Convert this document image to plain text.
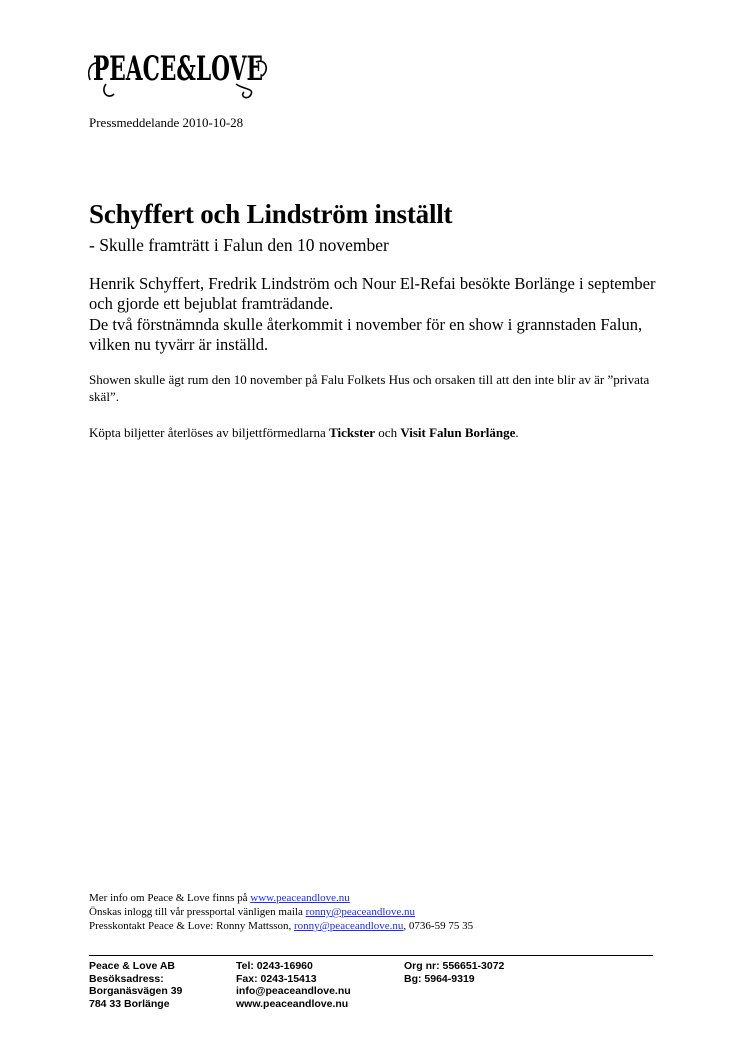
PEACE&LOVE
Pressmeddelande 2010-10-28
Schyffert och Lindström inställt
- Skulle framträtt i Falun den 10 november

Henrik Schyffert, Fredrik Lindström och Nour El-Refai besökte Borlänge i september och gjorde ett bejublat framträdande.

De två förstnämnda skulle återkommit i november för en show i grannstaden Falun, vilken nu tyvärr är inställd.

Showen skulle ägt rum den 10 november på Falu Folkets Hus och orsaken till att den inte blir av är ”privata skäl”.

Köpta biljetter återlöses av biljettförmedlarna Tickster och Visit Falun Borlänge.

Mer info om Peace & Love finns på www.peaceandlove.nu
Önskas inlogg till vår pressportal vänligen maila ronny@peaceandlove.nu
Presskontakt Peace & Love: Ronny Mattsson, ronny@peaceandlove.nu, 0736-59 75 35
Peace & Love AB
Besöksadress:
Borganäsvägen 39
784 33 Borlänge
Tel: 0243-16960
Fax: 0243-15413
info@peaceandlove.nu
www.peaceandlove.nu
Org nr: 556651-3072
Bg: 5964-9319
